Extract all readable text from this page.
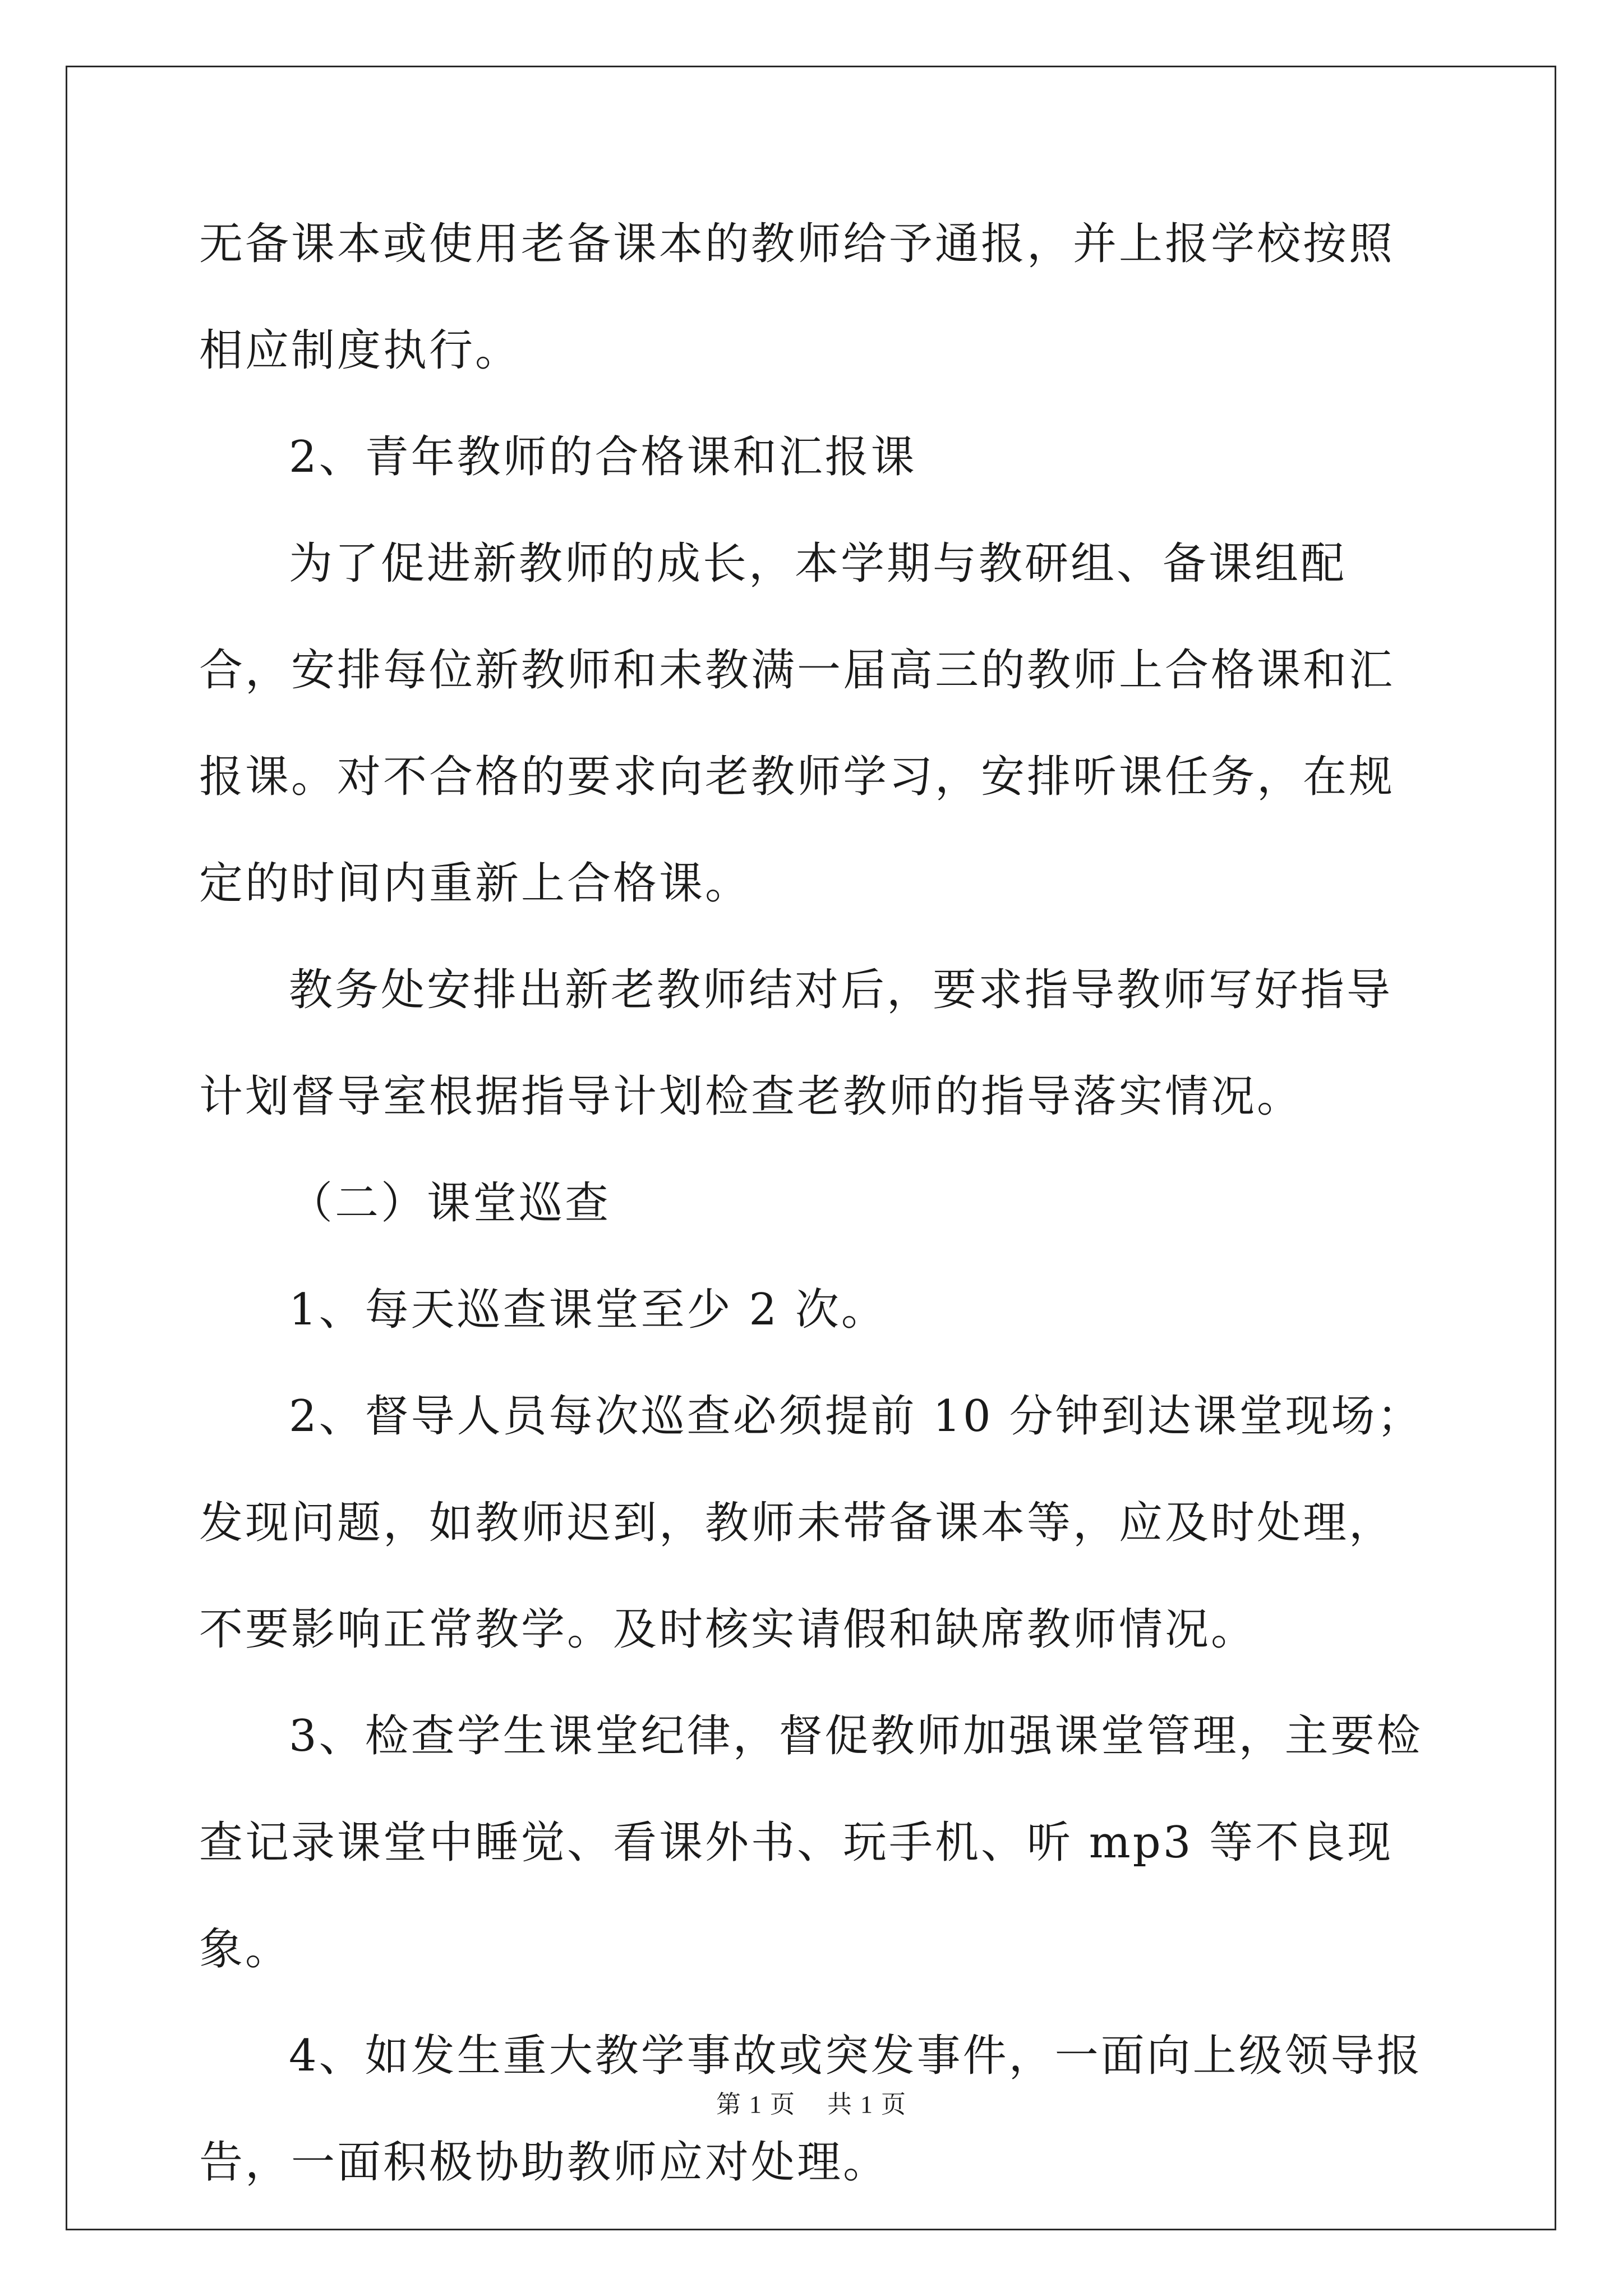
无备课本或使用老备课本的教师给予通报，并上报学校按照相应制度执行。

2、青年教师的合格课和汇报课

为了促进新教师的成长，本学期与教研组、备课组配合，安排每位新教师和未教满一届高三的教师上合格课和汇报课。对不合格的要求向老教师学习，安排听课任务，在规定的时间内重新上合格课。

教务处安排出新老教师结对后，要求指导教师写好指导计划督导室根据指导计划检查老教师的指导落实情况。

（二）课堂巡查

1、每天巡查课堂至少 2 次。

2、督导人员每次巡查必须提前 10 分钟到达课堂现场；发现问题，如教师迟到，教师未带备课本等，应及时处理，不要影响正常教学。及时核实请假和缺席教师情况。

3、检查学生课堂纪律，督促教师加强课堂管理，主要检查记录课堂中睡觉、看课外书、玩手机、听 mp3 等不良现象。

4、如发生重大教学事故或突发事件，一面向上级领导报告，一面积极协助教师应对处理。

第 1 页 共 1 页
